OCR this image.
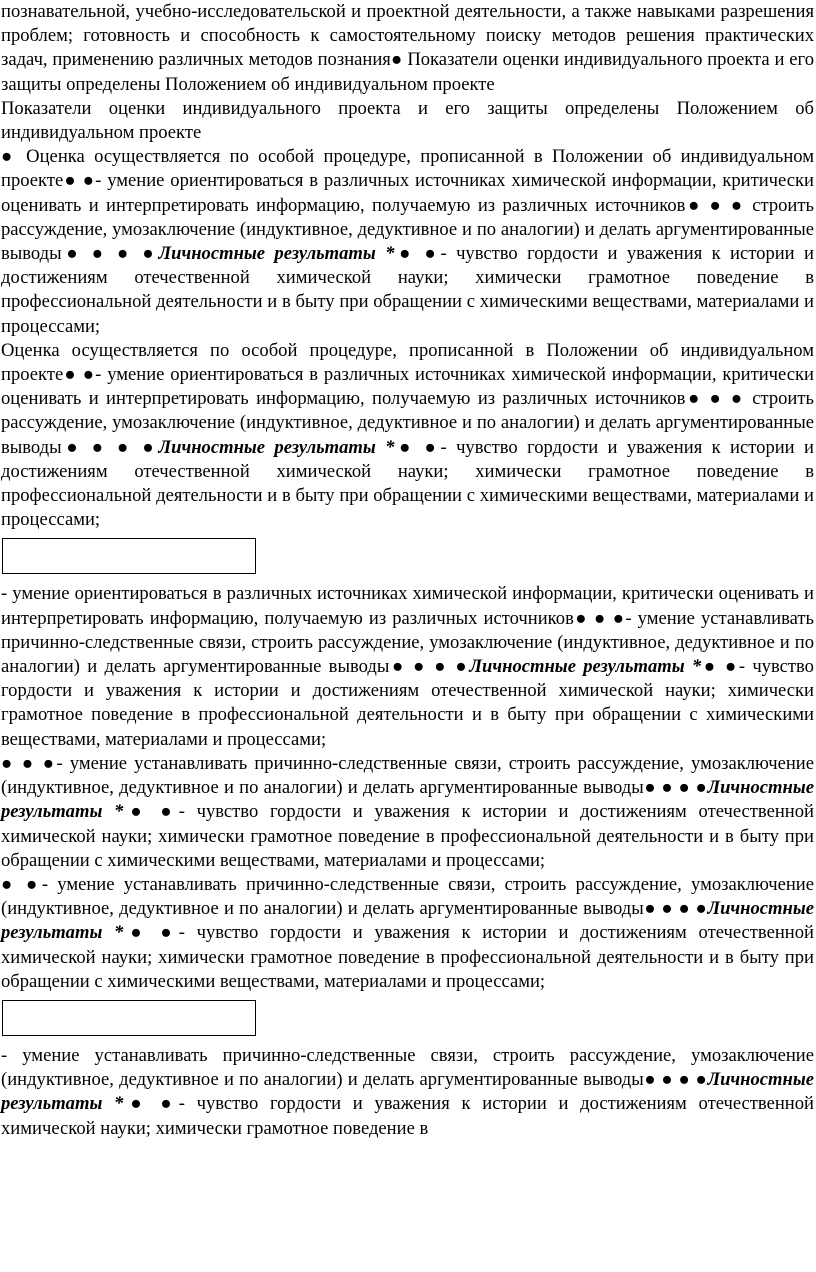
познавательной, учебно-исследовательской и проектной деятельности, а также навыками разрешения проблем; готовность и способность к самостоятельному поиску методов решения практических задач, применению различных методов познания● Показатели оценки индивидуального проекта и его защиты определены Положением об индивидуальном проекте

Показатели оценки индивидуального проекта и его защиты определены Положением об индивидуальном проекте

● Оценка осуществляется по особой процедуре, прописанной в Положении об индивидуальном проекте● ●- умение ориентироваться в различных источниках химической информации, критически оценивать и интерпретировать информацию, получаемую из различных источников● ● ● строить рассуждение, умозаключение (индуктивное, дедуктивное и по аналогии) и делать аргументированные выводы● ● ● ●Личностные результаты *● ●- чувство гордости и уважения к истории и достижениям отечественной химической науки; химически грамотное поведение в профессиональной деятельности и в быту при обращении с химическими веществами, материалами и процессами;

Оценка осуществляется по особой процедуре, прописанной в Положении об индивидуальном проекте● ●- умение ориентироваться в различных источниках химической информации, критически оценивать и интерпретировать информацию, получаемую из различных источников● ● ● строить рассуждение, умозаключение (индуктивное, дедуктивное и по аналогии) и делать аргументированные выводы● ● ● ●Личностные результаты *● ●- чувство гордости и уважения к истории и достижениям отечественной химической науки; химически грамотное поведение в профессиональной деятельности и в быту при обращении с химическими веществами, материалами и процессами;

- умение ориентироваться в различных источниках химической информации, критически оценивать и интерпретировать информацию, получаемую из различных источников● ● ●- умение устанавливать причинно-следственные связи, строить рассуждение, умозаключение (индуктивное, дедуктивное и по аналогии) и делать аргументированные выводы● ● ● ●Личностные результаты *● ●- чувство гордости и уважения к истории и достижениям отечественной химической науки; химически грамотное поведение в профессиональной деятельности и в быту при обращении с химическими веществами, материалами и процессами;

● ● ●- умение устанавливать причинно-следственные связи, строить рассуждение, умозаключение (индуктивное, дедуктивное и по аналогии) и делать аргументированные выводы● ● ● ●Личностные результаты *● ●- чувство гордости и уважения к истории и достижениям отечественной химической науки; химически грамотное поведение в профессиональной деятельности и в быту при обращении с химическими веществами, материалами и процессами;

● ●- умение устанавливать причинно-следственные связи, строить рассуждение, умозаключение (индуктивное, дедуктивное и по аналогии) и делать аргументированные выводы● ● ● ●Личностные результаты *● ●- чувство гордости и уважения к истории и достижениям отечественной химической науки; химически грамотное поведение в профессиональной деятельности и в быту при обращении с химическими веществами, материалами и процессами;

- умение устанавливать причинно-следственные связи, строить рассуждение, умозаключение (индуктивное, дедуктивное и по аналогии) и делать аргументированные выводы● ● ● ●Личностные результаты *● ●- чувство гордости и уважения к истории и достижениям отечественной химической науки; химически грамотное поведение в
